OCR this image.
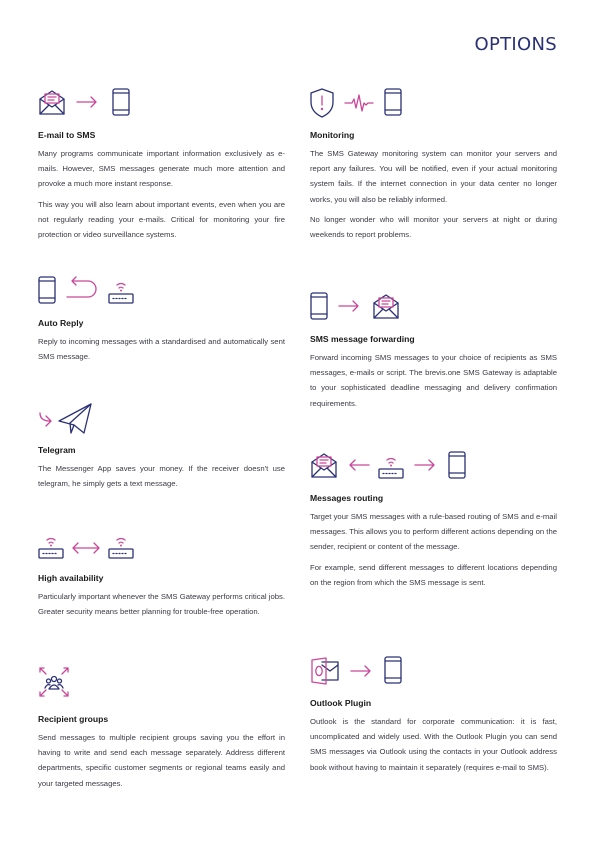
OPTIONS
E-mail to SMS

Many programs communicate important information exclusively as e-mails. However, SMS messages generate much more attention and provoke a much more instant response.

This way you will also learn about important events, even when you are not regularly reading your e-mails. Critical for monitoring your fire protection or video surveillance systems.

Auto Reply

Reply to incoming messages with a standardised and automatically sent SMS message.

Telegram

The Messenger App saves your money. If the receiver doesn't use telegram, he simply gets a text message.

High availability

Particularly important whenever the SMS Gateway performs critical jobs. Greater security means better planning for trouble-free operation.

Recipient groups

Send messages to multiple recipient groups saving you the effort in having to write and send each message separately. Address different departments, specific customer segments or regional teams easily and your targeted messages.

Monitoring

The SMS Gateway monitoring system can monitor your servers and report any failures. You will be notified, even if your actual monitoring system fails. If the internet connection in your data center no longer works, you will also be reliably informed.

No longer wonder who will monitor your servers at night or during weekends to report problems.

SMS message forwarding

Forward incoming SMS messages to your choice of recipients as SMS messages, e-mails or script. The brevis.one SMS Gateway is adaptable to your sophisticated deadline messaging and delivery confirmation requirements.

Messages routing

Target your SMS messages with a rule-based routing of SMS and e-mail messages. This allows you to perform different actions depending on the sender, recipient or content of the message.

For example, send different messages to different locations depending on the region from which the SMS message is sent.

Outlook Plugin

Outlook is the standard for corporate communication: it is fast, uncomplicated and widely used. With the Outlook Plugin you can send SMS messages via Outlook using the contacts in your Outlook address book without having to maintain it separately (requires e-mail to SMS).
